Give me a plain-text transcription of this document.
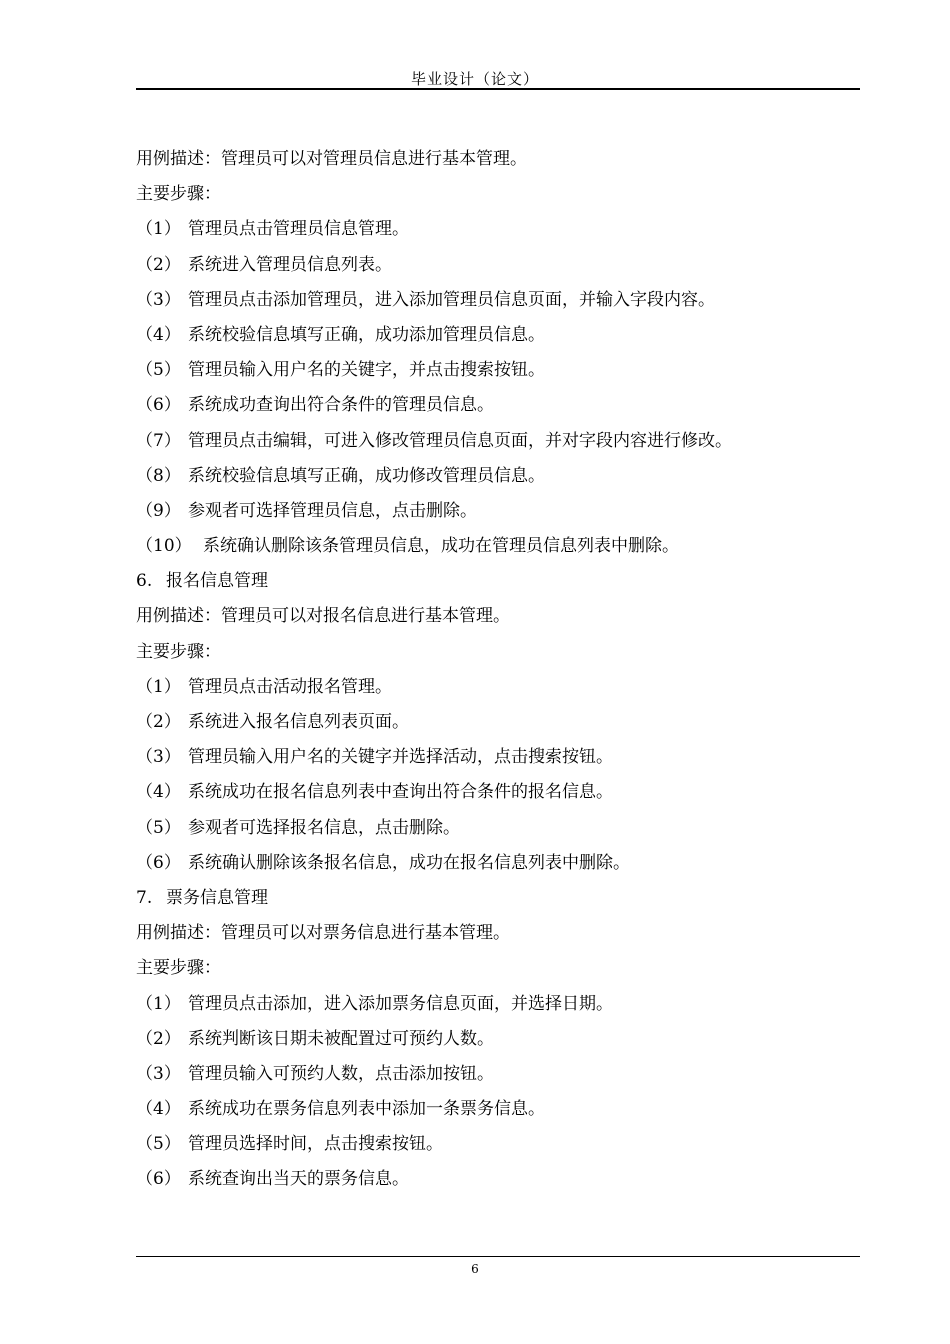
毕业设计（论文）
用例描述：管理员可以对管理员信息进行基本管理。
主要步骤：
（1） 管理员点击管理员信息管理。
（2） 系统进入管理员信息列表。
（3） 管理员点击添加管理员，进入添加管理员信息页面，并输入字段内容。
（4） 系统校验信息填写正确，成功添加管理员信息。
（5） 管理员输入用户名的关键字，并点击搜索按钮。
（6） 系统成功查询出符合条件的管理员信息。
（7） 管理员点击编辑，可进入修改管理员信息页面，并对字段内容进行修改。
（8） 系统校验信息填写正确，成功修改管理员信息。
（9） 参观者可选择管理员信息，点击删除。
（10） 系统确认删除该条管理员信息，成功在管理员信息列表中删除。
6. 报名信息管理
用例描述：管理员可以对报名信息进行基本管理。
主要步骤：
（1） 管理员点击活动报名管理。
（2） 系统进入报名信息列表页面。
（3） 管理员输入用户名的关键字并选择活动，点击搜索按钮。
（4） 系统成功在报名信息列表中查询出符合条件的报名信息。
（5） 参观者可选择报名信息，点击删除。
（6） 系统确认删除该条报名信息，成功在报名信息列表中删除。
7. 票务信息管理
用例描述：管理员可以对票务信息进行基本管理。
主要步骤：
（1） 管理员点击添加，进入添加票务信息页面，并选择日期。
（2） 系统判断该日期未被配置过可预约人数。
（3） 管理员输入可预约人数，点击添加按钮。
（4） 系统成功在票务信息列表中添加一条票务信息。
（5） 管理员选择时间，点击搜索按钮。
（6） 系统查询出当天的票务信息。
6
